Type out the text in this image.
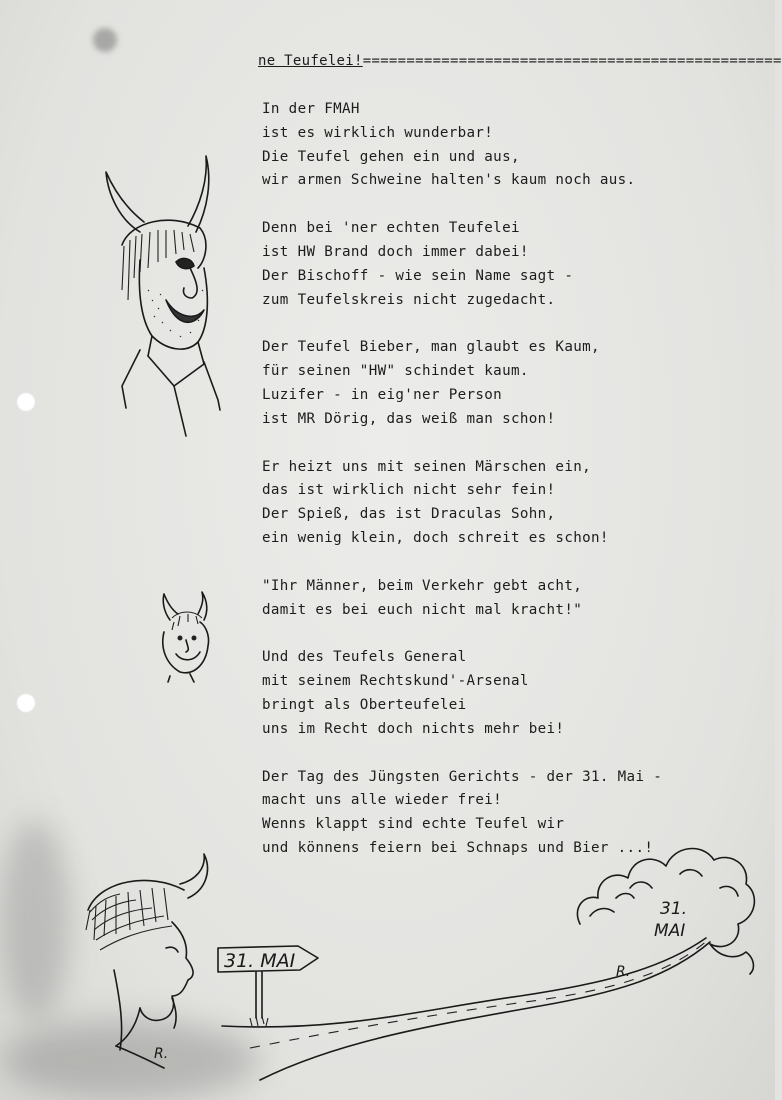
ne Teufelei!================================================
In der FMAH
ist es wirklich wunderbar!
Die Teufel gehen ein und aus,
wir armen Schweine halten's kaum noch aus.
Denn bei 'ner echten Teufelei
ist HW Brand doch immer dabei!
Der Bischoff - wie sein Name sagt -
zum Teufelskreis nicht zugedacht.
Der Teufel Bieber, man glaubt es Kaum,
für seinen "HW" schindet kaum.
Luzifer - in eig'ner Person
ist MR Dörig, das weiß man schon!
Er heizt uns mit seinen Märschen ein,
das ist wirklich nicht sehr fein!
Der Spieß, das ist Draculas Sohn,
ein wenig klein, doch schreit es schon!
"Ihr Männer, beim Verkehr gebt acht,
damit es bei euch nicht mal kracht!"
Und des Teufels General
mit seinem Rechtskund'-Arsenal
bringt als Oberteufelei
uns im Recht doch nichts mehr bei!
Der Tag des Jüngsten Gerichts - der 31. Mai -
macht uns alle wieder frei!
Wenns klappt sind echte Teufel wir
und könnens feiern bei Schnaps und Bier ...!
R.
31. MAI
31.
MAI
R.
